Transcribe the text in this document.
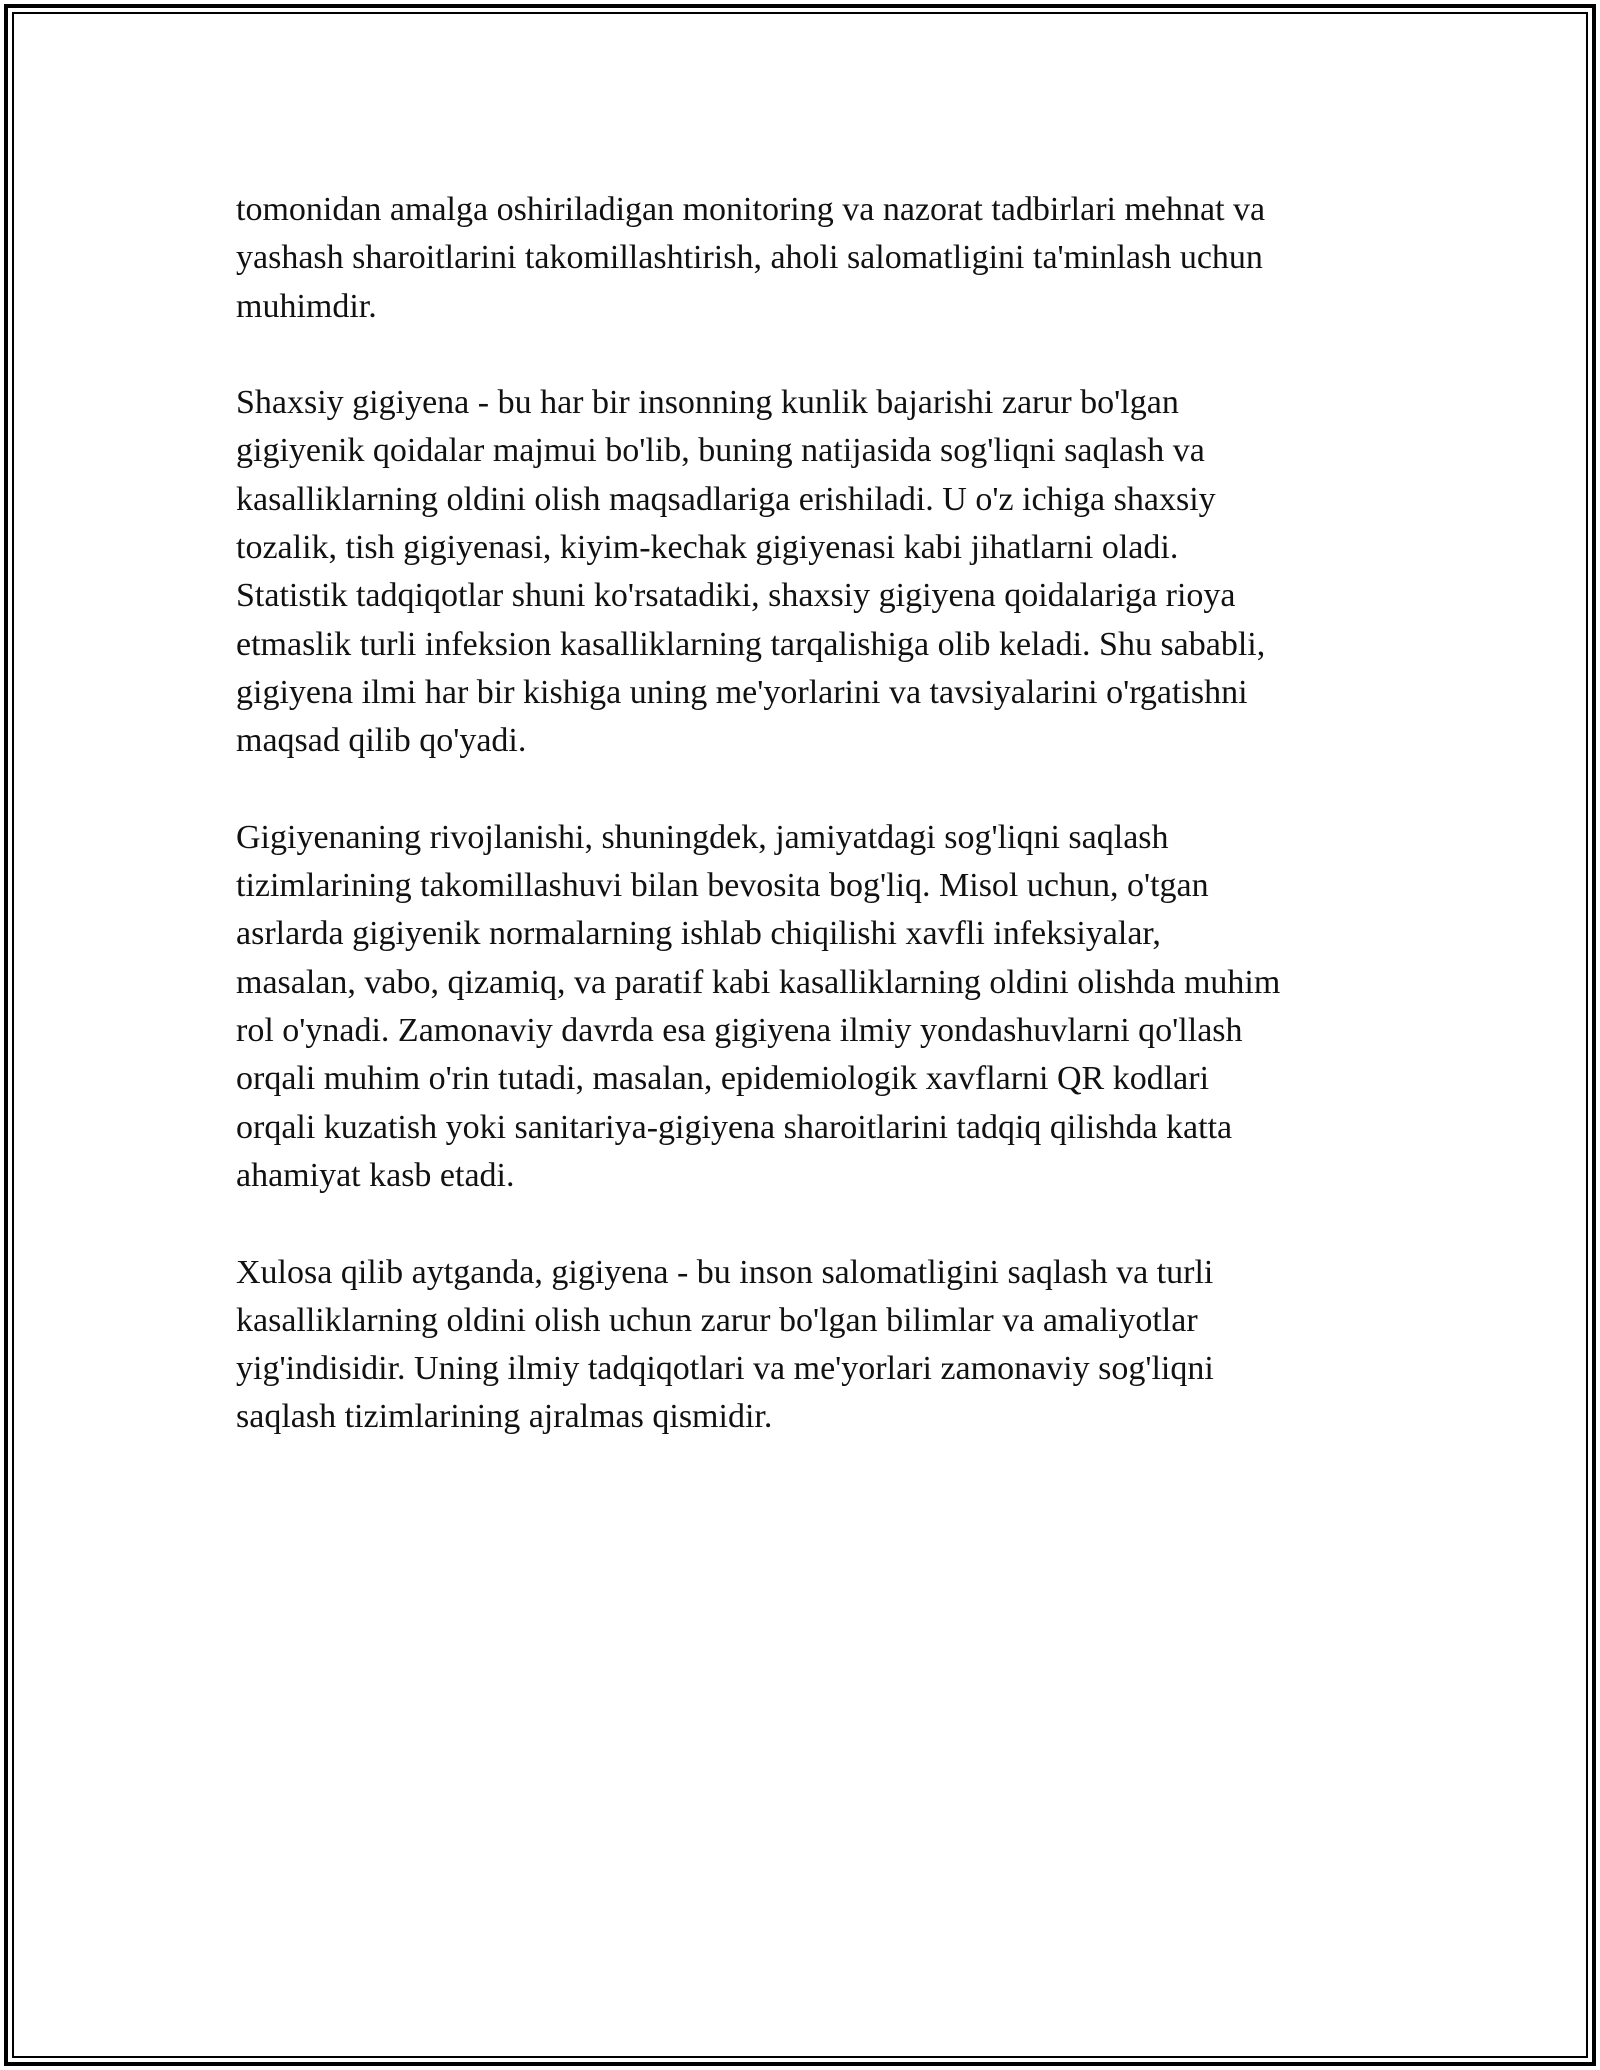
tomonidan amalga oshiriladigan monitoring va nazorat tadbirlari mehnat va
yashash sharoitlarini takomillashtirish, aholi salomatligini ta'minlash uchun
muhimdir.

Shaxsiy gigiyena - bu har bir insonning kunlik bajarishi zarur bo'lgan
gigiyenik qoidalar majmui bo'lib, buning natijasida sog'liqni saqlash va
kasalliklarning oldini olish maqsadlariga erishiladi. U o'z ichiga shaxsiy
tozalik, tish gigiyenasi, kiyim-kechak gigiyenasi kabi jihatlarni oladi.
Statistik tadqiqotlar shuni ko'rsatadiki, shaxsiy gigiyena qoidalariga rioya
etmaslik turli infeksion kasalliklarning tarqalishiga olib keladi. Shu sababli,
gigiyena ilmi har bir kishiga uning me'yorlarini va tavsiyalarini o'rgatishni
maqsad qilib qo'yadi.

Gigiyenaning rivojlanishi, shuningdek, jamiyatdagi sog'liqni saqlash
tizimlarining takomillashuvi bilan bevosita bog'liq. Misol uchun, o'tgan
asrlarda gigiyenik normalarning ishlab chiqilishi xavfli infeksiyalar,
masalan, vabo, qizamiq, va paratif kabi kasalliklarning oldini olishda muhim
rol o'ynadi. Zamonaviy davrda esa gigiyena ilmiy yondashuvlarni qo'llash
orqali muhim o'rin tutadi, masalan, epidemiologik xavflarni QR kodlari
orqali kuzatish yoki sanitariya-gigiyena sharoitlarini tadqiq qilishda katta
ahamiyat kasb etadi.

Xulosa qilib aytganda, gigiyena - bu inson salomatligini saqlash va turli
kasalliklarning oldini olish uchun zarur bo'lgan bilimlar va amaliyotlar
yig'indisidir. Uning ilmiy tadqiqotlari va me'yorlari zamonaviy sog'liqni
saqlash tizimlarining ajralmas qismidir.
